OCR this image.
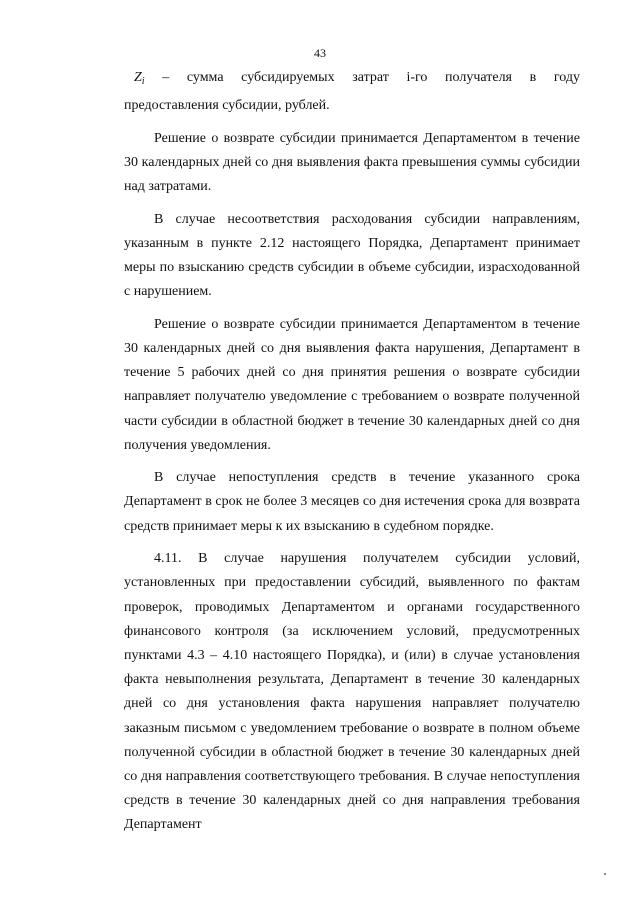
43

$Z_i$ – сумма субсидируемых затрат i-го получателя в году

предоставления субсидии, рублей.

Решение о возврате субсидии принимается Департаментом в течение 30 календарных дней со дня выявления факта превышения суммы субсидии над затратами.

В случае несоответствия расходования субсидии направлениям, указанным в пункте 2.12 настоящего Порядка, Департамент принимает меры по взысканию средств субсидии в объеме субсидии, израсходованной с нарушением.

Решение о возврате субсидии принимается Департаментом в течение 30 календарных дней со дня выявления факта нарушения, Департамент в течение 5 рабочих дней со дня принятия решения о возврате субсидии направляет получателю уведомление с требованием о возврате полученной части субсидии в областной бюджет в течение 30 календарных дней со дня получения уведомления.

В случае непоступления средств в течение указанного срока Департамент в срок не более 3 месяцев со дня истечения срока для возврата средств принимает меры к их взысканию в судебном порядке.

4.11. В случае нарушения получателем субсидии условий, установленных при предоставлении субсидий, выявленного по фактам проверок, проводимых Департаментом и органами государственного финансового контроля (за исключением условий, предусмотренных пунктами 4.3 – 4.10 настоящего Порядка), и (или) в случае установления факта невыполнения результата, Департамент в течение 30 календарных дней со дня установления факта нарушения направляет получателю заказным письмом с уведомлением требование о возврате в полном объеме полученной субсидии в областной бюджет в течение 30 календарных дней со дня направления соответствующего требования. В случае непоступления средств в течение 30 календарных дней со дня направления требования Департамент
